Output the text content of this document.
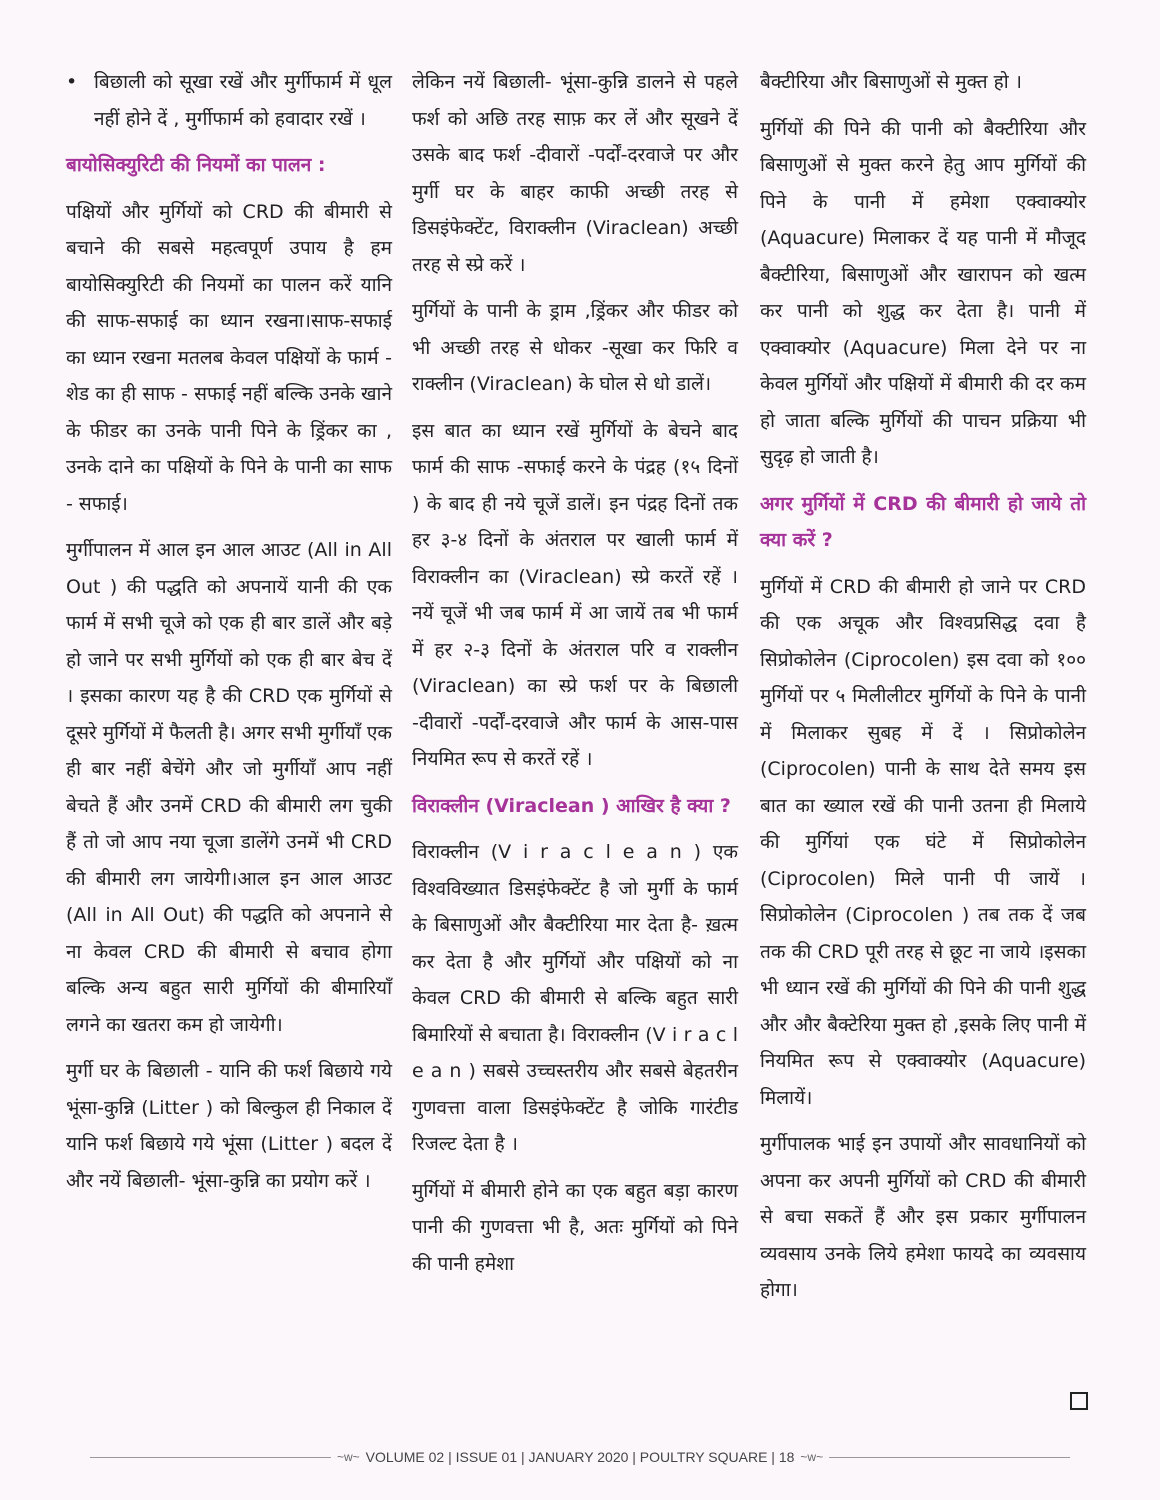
• बिछाली को सूखा रखें और मुर्गीफार्म में धूल नहीं होने दें , मुर्गीफार्म को हवादार रखें ।
बायोसिक्युरिटी की नियमों का पालन :

पक्षियों और मुर्गियों को CRD की बीमारी से बचाने की सबसे महत्वपूर्ण उपाय है हम बायोसिक्युरिटी की नियमों का पालन करें यानि की साफ-सफाई का ध्यान रखना।साफ-सफाई का ध्यान रखना मतलब केवल पक्षियों के फार्म - शेड का ही साफ - सफाई नहीं बल्कि उनके खाने के फीडर का उनके पानी पिने के ड्रिंकर का , उनके दाने का पक्षियों के पिने के पानी का साफ - सफाई।

मुर्गीपालन में आल इन आल आउट (All in All Out ) की पद्धति को अपनायें यानी की एक फार्म में सभी चूजे को एक ही बार डालें और बड़े हो जाने पर सभी मुर्गियों को एक ही बार बेच दें । इसका कारण यह है की CRD एक मुर्गियों से दूसरे मुर्गियों में फैलती है। अगर सभी मुर्गीयाँ एक ही बार नहीं बेचेंगे और जो मुर्गीयाँ आप नहीं बेचते हैं और उनमें CRD की बीमारी लग चुकी हैं तो जो आप नया चूजा डालेंगे उनमें भी CRD की बीमारी लग जायेगी।आल इन आल आउट (All in All Out) की पद्धति को अपनाने से ना केवल CRD की बीमारी से बचाव होगा बल्कि अन्य बहुत सारी मुर्गियों की बीमारियाँ लगने का खतरा कम हो जायेगी।

मुर्गी घर के बिछाली - यानि की फर्श बिछाये गये भूंसा-कुन्नि (Litter ) को बिल्कुल ही निकाल दें यानि फर्श बिछाये गये भूंसा (Litter ) बदल दें और नयें बिछाली- भूंसा-कुन्नि का प्रयोग करें ।

लेकिन नयें बिछाली- भूंसा-कुन्नि डालने से पहले फर्श को अछि तरह साफ़ कर लें और सूखने दें उसके बाद फर्श -दीवारों -पर्दों-दरवाजे पर और मुर्गी घर के बाहर काफी अच्छी तरह से डिसइंफेक्टेंट, विराक्लीन (Viraclean) अच्छी तरह से स्प्रे करें ।

मुर्गियों के पानी के ड्राम ,ड्रिंकर और फीडर को भी अच्छी तरह से धोकर -सूखा कर फिरि व राक्लीन (Viraclean) के घोल से धो डालें।

इस बात का ध्यान रखें मुर्गियों के बेचने बाद फार्म की साफ -सफाई करने के पंद्रह (१५ दिनों ) के बाद ही नये चूजें डालें। इन पंद्रह दिनों तक हर ३-४ दिनों के अंतराल पर खाली फार्म में विराक्लीन का (Viraclean) स्प्रे करतें रहें । नयें चूजें भी जब फार्म में आ जायें तब भी फार्म में हर २-३ दिनों के अंतराल परि व राक्लीन (Viraclean) का स्प्रे फर्श पर के बिछाली -दीवारों -पर्दों-दरवाजे और फार्म के आस-पास नियमित रूप से करतें रहें ।

विराक्लीन (Viraclean ) आखिर है क्या ?

विराक्लीन (V i r a c l e a n ) एक विश्वविख्यात डिसइंफेक्टेंट है जो मुर्गी के फार्म के बिसाणुओं और बैक्टीरिया मार देता है- ख़त्म कर देता है और मुर्गियों और पक्षियों को ना केवल CRD की बीमारी से बल्कि बहुत सारी बिमारियों से बचाता है। विराक्लीन (V i r a c l e a n ) सबसे उच्चस्तरीय और सबसे बेहतरीन गुणवत्ता वाला डिसइंफेक्टेंट है जोकि गारंटीड रिजल्ट देता है ।

मुर्गियों में बीमारी होने का एक बहुत बड़ा कारण पानी की गुणवत्ता भी है, अतः मुर्गियों को पिने की पानी हमेशा

बैक्टीरिया और बिसाणुओं से मुक्त हो ।

मुर्गियों की पिने की पानी को बैक्टीरिया और बिसाणुओं से मुक्त करने हेतु आप मुर्गियों की पिने के पानी में हमेशा एक्वाक्योर (Aquacure) मिलाकर दें यह पानी में मौजूद बैक्टीरिया, बिसाणुओं और खारापन को खत्म कर पानी को शुद्ध कर देता है। पानी में एक्वाक्योर (Aquacure) मिला देने पर ना केवल मुर्गियों और पक्षियों में बीमारी की दर कम हो जाता बल्कि मुर्गियों की पाचन प्रक्रिया भी सुदृढ़ हो जाती है।

अगर मुर्गियों में CRD की बीमारी हो जाये तो क्या करें ?

मुर्गियों में CRD की बीमारी हो जाने पर CRD की एक अचूक और विश्वप्रसिद्ध दवा है सिप्रोकोलेन (Ciprocolen) इस दवा को १०० मुर्गियों पर ५ मिलीलीटर मुर्गियों के पिने के पानी में मिलाकर सुबह में दें । सिप्रोकोलेन (Ciprocolen) पानी के साथ देते समय इस बात का ख्याल रखें की पानी उतना ही मिलाये की मुर्गियां एक घंटे में सिप्रोकोलेन (Ciprocolen) मिले पानी पी जायें ।सिप्रोकोलेन (Ciprocolen ) तब तक दें जब तक की CRD पूरी तरह से छूट ना जाये ।इसका भी ध्यान रखें की मुर्गियों की पिने की पानी शुद्ध और और बैक्टेरिया मुक्त हो ,इसके लिए पानी में नियमित रूप से एक्वाक्योर (Aquacure) मिलायें।

मुर्गीपालक भाई इन उपायों और सावधानियों को अपना कर अपनी मुर्गियों को CRD की बीमारी से बचा सकतें हैं और इस प्रकार मुर्गीपालन व्यवसाय उनके लिये हमेशा फायदे का व्यवसाय होगा।

~w~ VOLUME 02 | ISSUE 01 | JANUARY 2020 | POULTRY SQUARE | 18 ~w~
